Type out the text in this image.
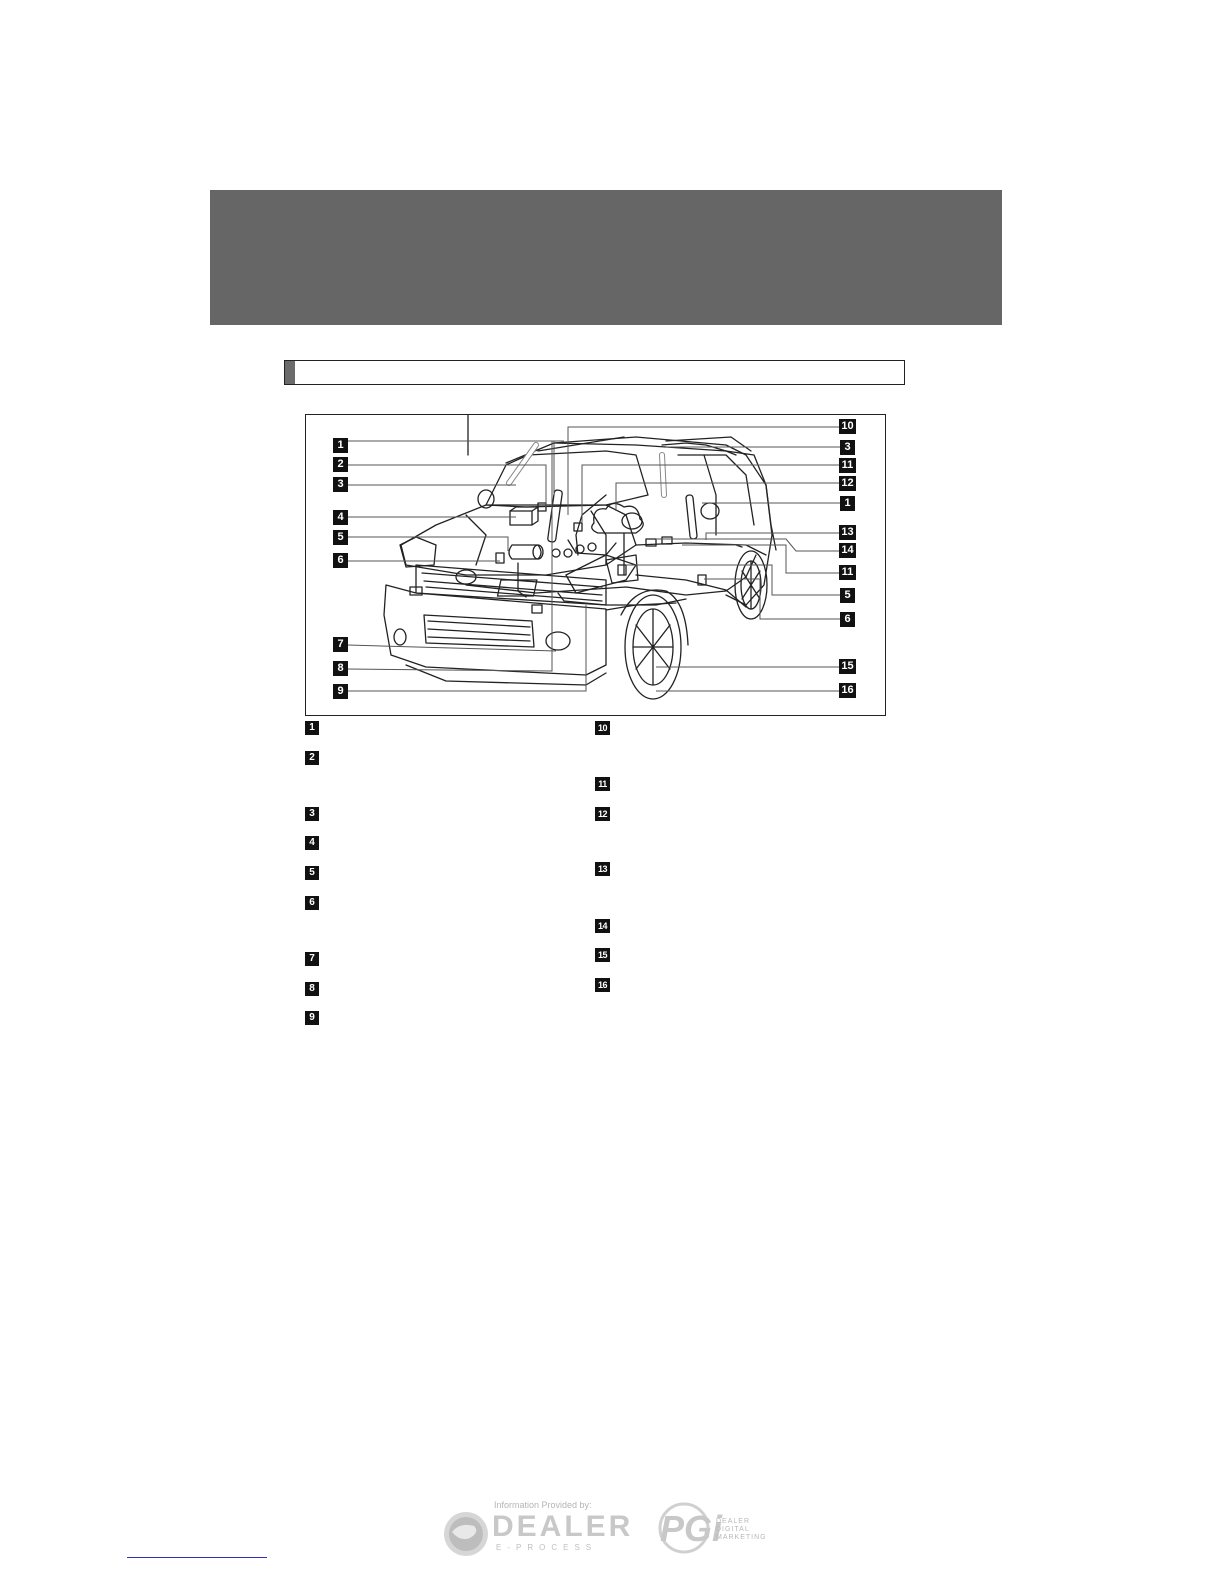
1
2
3
4
5
6
7
8
9
10
3
11
12
1
13
14
11
5
6
15
16
1
2
3
4
5
6
7
8
9
10
11
12
13
14
15
16
Information Provided by:
DEALER
E-PROCESS PGi
DEALER
DIGITAL
MARKETING
